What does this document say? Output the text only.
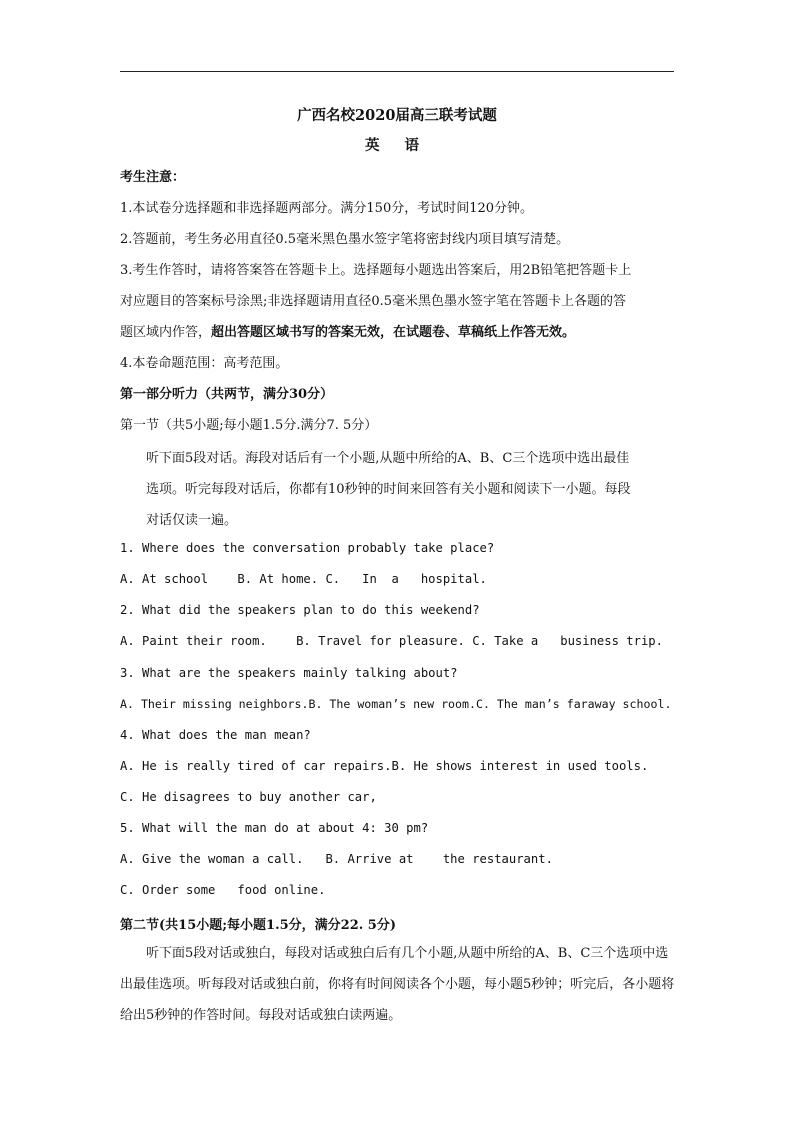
广西名校2020届高三联考试题
英 语
考生注意：
1.本试卷分选择题和非选择题两部分。满分150分，考试时间120分钟。
2.答题前，考生务必用直径0.5毫米黑色墨水签字笔将密封线内项目填写清楚。
3.考生作答时，请将答案答在答题卡上。选择题每小题选出答案后，用2B铅笔把答题卡上
对应题目的答案标号涂黑;非选择题请用直径0.5毫米黑色墨水签字笔在答题卡上各题的答
题区域内作答，超出答题区域书写的答案无效，在试题卷、草稿纸上作答无效。
4.本卷命题范围：高考范围。
第一部分听力（共两节，满分30分）
第一节（共5小题;每小题1.5分.满分7. 5分）
听下面5段对话。海段对话后有一个小题,从题中所给的A、B、C三个选项中选出最佳
选项。听完每段对话后，你都有10秒钟的时间来回答有关小题和阅读下一小题。每段
对话仅读一遍。
1. Where does the conversation probably take place?
A. At school    B. At home. C.   In  a   hospital.
2. What did the speakers plan to do this weekend?
A. Paint their room.    B. Travel for pleasure. C. Take a   business trip.
3. What are the speakers mainly talking about?
A. Their missing neighbors.B. The woman’s new room.C. The man’s faraway school.
4. What does the man mean?
A. He is really tired of car repairs.B. He shows interest in used tools.
C. He disagrees to buy another car,
5. What will the man do at about 4: 30 pm?
A. Give the woman a call.   B. Arrive at    the restaurant.
C. Order some   food online.
第二节(共15小题;每小题1.5分，满分22. 5分)
听下面5段对话或独白，每段对话或独白后有几个小题,从题中所给的A、B、C三个选项中选出最佳选项。听每段对话或独白前，你将有时间阅读各个小题，每小题5秒钟；听完后，各小题将给出5秒钟的作答时间。每段对话或独白读两遍。
